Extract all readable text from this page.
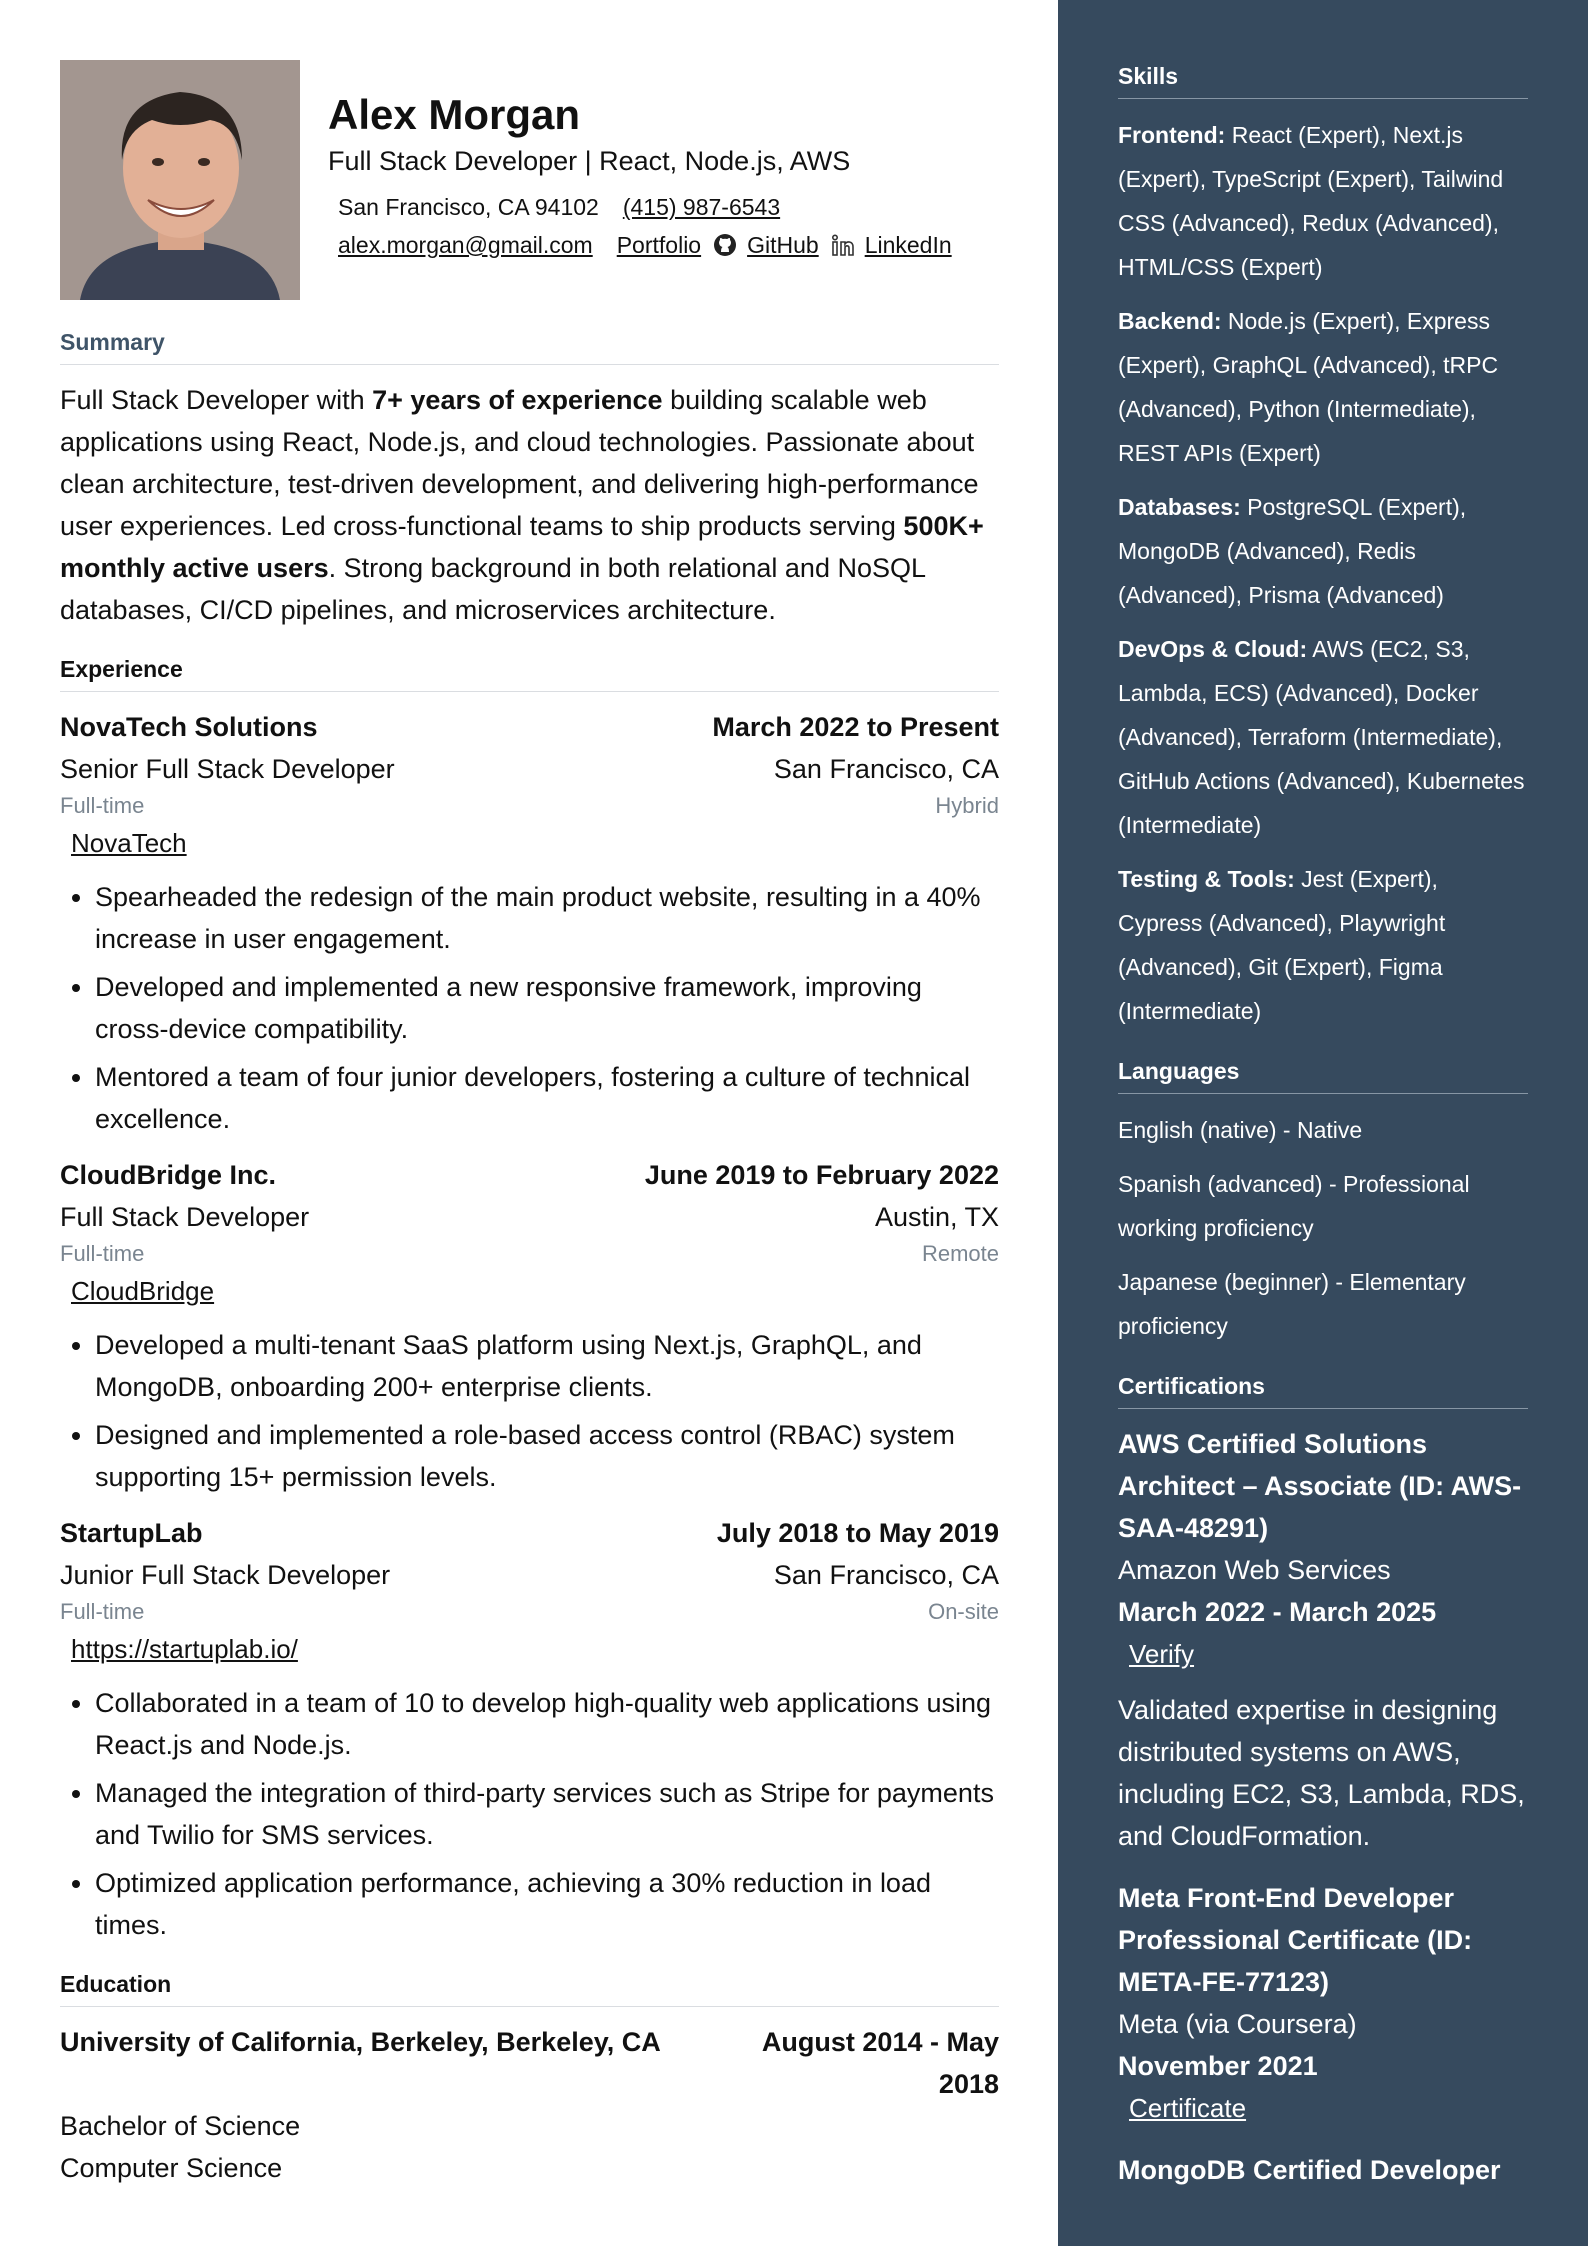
Alex Morgan
Full Stack Developer | React, Node.js, AWS
San Francisco, CA 94102 (415) 987-6543
alex.morgan@gmail.com Portfolio GitHub LinkedIn
Summary

Full Stack Developer with 7+ years of experience building scalable web applications using React, Node.js, and cloud technologies. Passionate about clean architecture, test-driven development, and delivering high-performance user experiences. Led cross-functional teams to ship products serving 500K+ monthly active users. Strong background in both relational and NoSQL databases, CI/CD pipelines, and microservices architecture.

Experience
NovaTech Solutions	March 2022 to Present
Senior Full Stack Developer	San Francisco, CA
Full-time	Hybrid
NovaTech
• Spearheaded the redesign of the main product website, resulting in a 40% increase in user engagement.
• Developed and implemented a new responsive framework, improving cross-device compatibility.
• Mentored a team of four junior developers, fostering a culture of technical excellence.
CloudBridge Inc.	June 2019 to February 2022
Full Stack Developer	Austin, TX
Full-time	Remote
CloudBridge
• Developed a multi-tenant SaaS platform using Next.js, GraphQL, and MongoDB, onboarding 200+ enterprise clients.
• Designed and implemented a role-based access control (RBAC) system supporting 15+ permission levels.
StartupLab	July 2018 to May 2019
Junior Full Stack Developer	San Francisco, CA
Full-time	On-site
https://startuplab.io/
• Collaborated in a team of 10 to develop high-quality web applications using React.js and Node.js.
• Managed the integration of third-party services such as Stripe for payments and Twilio for SMS services.
• Optimized application performance, achieving a 30% reduction in load times.
Education
University of California, Berkeley, Berkeley, CA	August 2014 - May 2018
Bachelor of Science
Computer Science
Skills

Frontend: React (Expert), Next.js (Expert), TypeScript (Expert), Tailwind CSS (Advanced), Redux (Advanced), HTML/CSS (Expert)

Backend: Node.js (Expert), Express (Expert), GraphQL (Advanced), tRPC (Advanced), Python (Intermediate), REST APIs (Expert)

Databases: PostgreSQL (Expert), MongoDB (Advanced), Redis (Advanced), Prisma (Advanced)

DevOps & Cloud: AWS (EC2, S3, Lambda, ECS) (Advanced), Docker (Advanced), Terraform (Intermediate), GitHub Actions (Advanced), Kubernetes (Intermediate)

Testing & Tools: Jest (Expert), Cypress (Advanced), Playwright (Advanced), Git (Expert), Figma (Intermediate)

Languages

English (native) - Native

Spanish (advanced) - Professional working proficiency

Japanese (beginner) - Elementary proficiency

Certifications
AWS Certified Solutions Architect – Associate (ID: AWS-SAA-48291)
Amazon Web Services
March 2022 - March 2025
Verify
Validated expertise in designing distributed systems on AWS, including EC2, S3, Lambda, RDS, and CloudFormation.
Meta Front-End Developer Professional Certificate (ID: META-FE-77123)
Meta (via Coursera)
November 2021
Certificate
MongoDB Certified Developer
